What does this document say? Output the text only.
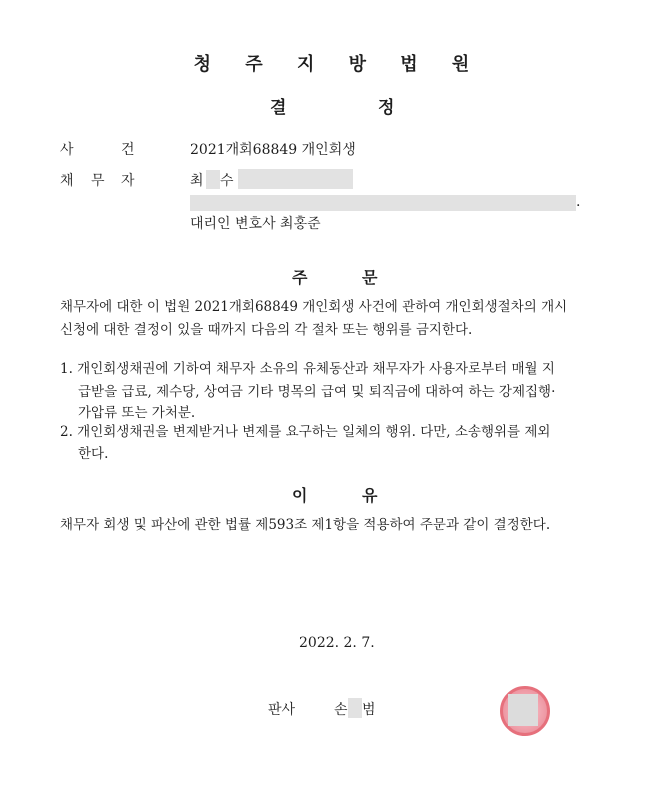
청 주 지 방 법 원
결	정
사	건	2021개회68849 개인회생
채 무 자	최 수
.
대리인 변호사 최홍준
주	문
채무자에 대한 이 법원 2021개회68849 개인회생 사건에 관하여 개인회생절차의 개시
신청에 대한 결정이 있을 때까지 다음의 각 절차 또는 행위를 금지한다.
1. 개인회생채권에 기하여 채무자 소유의 유체동산과 채무자가 사용자로부터 매월 지
급받을 급료, 제수당, 상여금 기타 명목의 급여 및 퇴직금에 대하여 하는 강제집행·
가압류 또는 가처분.
2. 개인회생채권을 변제받거나 변제를 요구하는 일체의 행위. 다만, 소송행위를 제외
한다.
이	유
채무자 회생 및 파산에 관한 법률 제593조 제1항을 적용하여 주문과 같이 결정한다.
2022. 2. 7.
판사	손 범
